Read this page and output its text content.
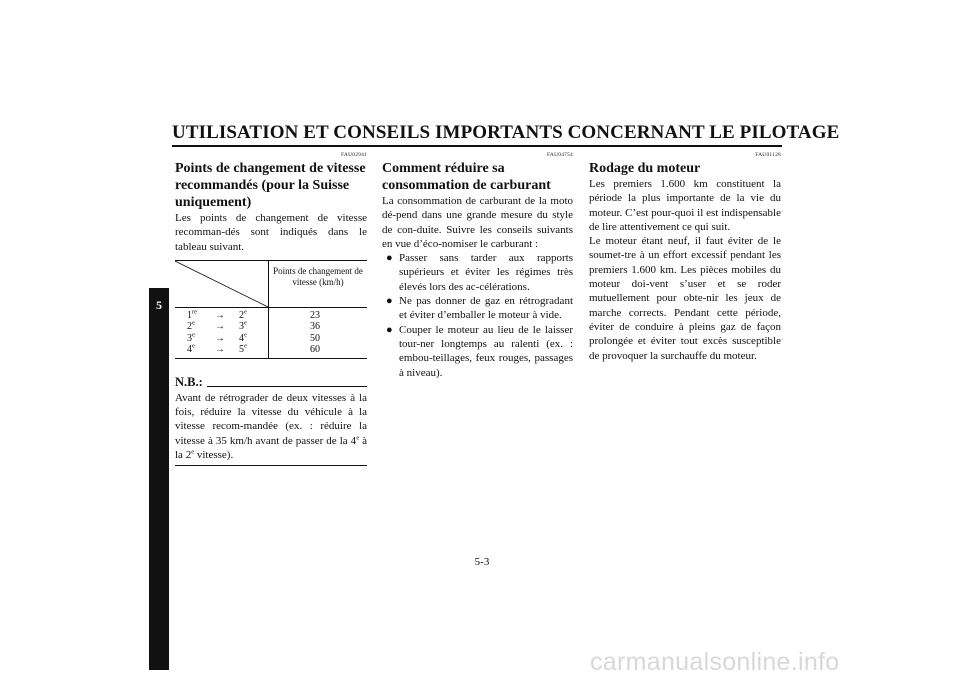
UTILISATION ET CONSEILS IMPORTANTS CONCERNANT LE PILOTAGE
5
FAU02941
Points de changement de vitesse recommandés (pour la Suisse uniquement)

Les points de changement de vitesse recomman-dés sont indiqués dans le tableau suivant.

Points de changement de vitesse (km/h)
$1re \to 2^e$	23
$2^e \to 3^e$	36
$3^e \to 4^e$	50
$4^e \to 5^e$	60
N.B.:

Avant de rétrograder de deux vitesses à la fois, réduire la vitesse du véhicule à la vitesse recom-mandée (ex. : réduire la vitesse à 35 km/h avant de passer de la 4e à la 2e vitesse).

FAU04754
Comment réduire sa consommation de carburant

La consommation de carburant de la moto dé-pend dans une grande mesure du style de con-duite. Suivre les conseils suivants en vue d’éco-nomiser le carburant :

● Passer sans tarder aux rapports supérieurs et éviter les régimes très élevés lors des ac-célérations.
● Ne pas donner de gaz en rétrogradant et éviter d’emballer le moteur à vide.
● Couper le moteur au lieu de le laisser tour-ner longtemps au ralenti (ex. : embou-teillages, feux rouges, passages à niveau).
FAU01128
Rodage du moteur

Les premiers 1.600 km constituent la période la plus importante de la vie du moteur. C’est pour-quoi il est indispensable de lire attentivement ce qui suit.

Le moteur étant neuf, il faut éviter de le soumet-tre à un effort excessif pendant les premiers 1.600 km. Les pièces mobiles du moteur doi-vent s’user et se roder mutuellement pour obte-nir les jeux de marche corrects. Pendant cette période, éviter de conduire à pleins gaz de façon prolongée et éviter tout excès susceptible de provoquer la surchauffe du moteur.

5-3
carmanualsonline.info
